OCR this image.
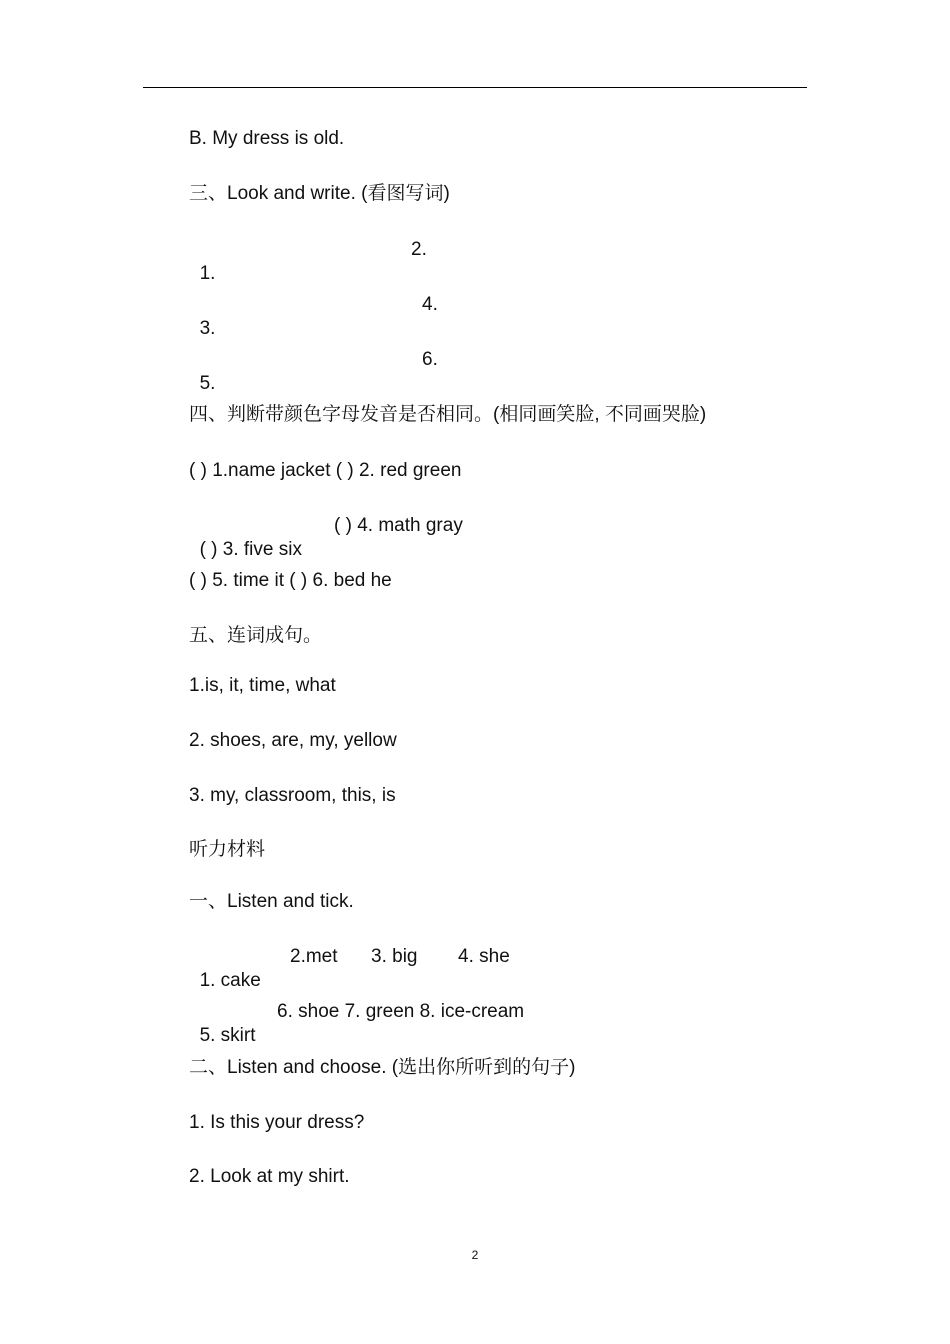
B. My dress is old.
三、Look and write. (看图写词)

1.

2.

3.

4.

5.

6.

四、判断带颜色字母发音是否相同。(相同画笑脸, 不同画哭脸)
( ) 1.name jacket ( ) 2. red green

( ) 3. five six

( ) 4. math gray

( ) 5. time it ( ) 6. bed he
五、连词成句。
1.is, it, time, what
2. shoes, are, my, yellow
3. my, classroom, this, is
听力材料
一、Listen and tick.

1. cake

2.met

3. big

4. she

5. skirt

6. shoe 7. green 8. ice-cream

二、Listen and choose. (选出你所听到的句子)
1. Is this your dress?
2. Look at my shirt.
2
